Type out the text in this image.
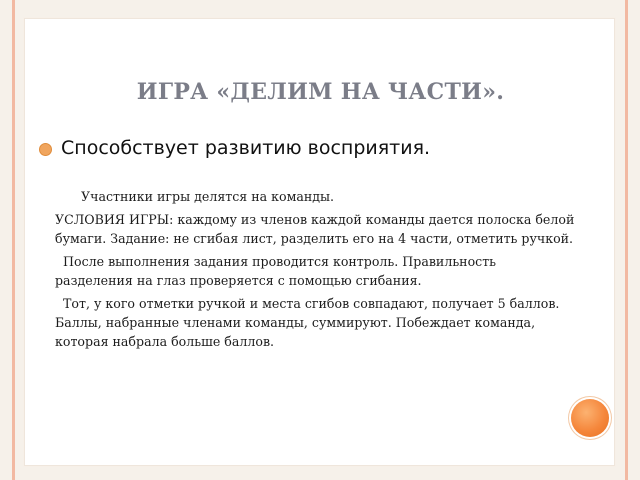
ИГРА «ДЕЛИМ НА ЧАСТИ».
Способствует развитию восприятия.

Участники игры делятся на команды.

УСЛОВИЯ ИГРЫ: каждому из членов каждой команды дается полоска белой бумаги. Задание: не сгибая лист, разделить его на 4 части, отметить ручкой.

После выполнения задания проводится контроль. Правильность разделения на глаз проверяется с помощью сгибания.

Тот, у кого отметки ручкой и места сгибов совпадают, получает 5 баллов. Баллы, набранные членами команды, суммируют. Побеждает команда, которая набрала больше баллов.
